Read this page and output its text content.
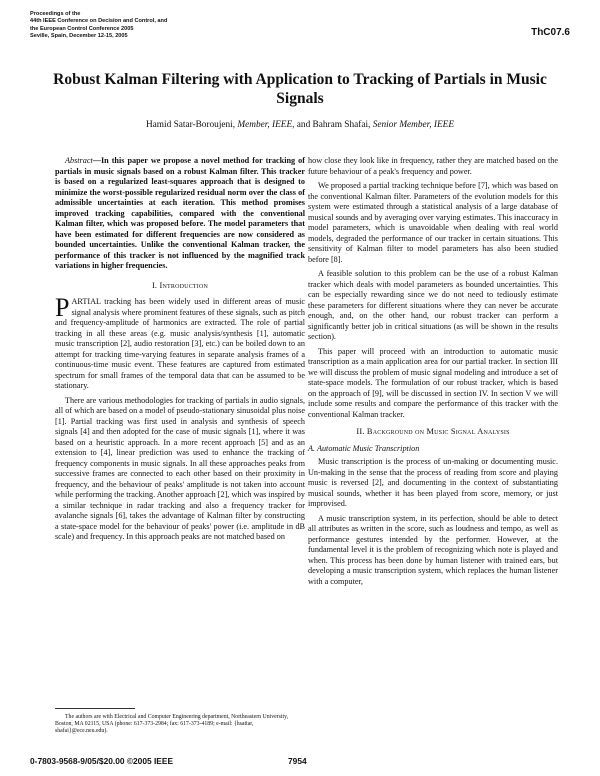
Proceedings of the
44th IEEE Conference on Decision and Control, and
the European Control Conference 2005
Seville, Spain, December 12-15, 2005	ThC07.6
Robust Kalman Filtering with Application to Tracking of Partials in Music Signals
Hamid Satar-Boroujeni, Member, IEEE, and Bahram Shafai, Senior Member, IEEE

Abstract—In this paper we propose a novel method for tracking of partials in music signals based on a robust Kalman filter. This tracker is based on a regularized least-squares approach that is designed to minimize the worst-possible regularized residual norm over the class of admissible uncertainties at each iteration. This method promises improved tracking capabilities, compared with the conventional Kalman filter, which was proposed before. The model parameters that have been estimated for different frequencies are now considered as bounded uncertainties. Unlike the conventional Kalman tracker, the performance of this tracker is not influenced by the magnified track variations in higher frequencies.

I. Introduction

PARTIAL tracking has been widely used in different areas of music signal analysis where prominent features of these signals, such as pitch and frequency-amplitude of harmonics are extracted. The role of partial tracking in all these areas (e.g. music analysis/synthesis [1], automatic music transcription [2], audio restoration [3], etc.) can be boiled down to an attempt for tracking time-varying features in separate analysis frames of a continuous-time music event. These features are captured from estimated spectrum for small frames of the temporal data that can be assumed to be stationary.

There are various methodologies for tracking of partials in audio signals, all of which are based on a model of pseudo-stationary sinusoidal plus noise [1]. Partial tracking was first used in analysis and synthesis of speech signals [4] and then adopted for the case of music signals [1], where it was based on a heuristic approach. In a more recent approach [5] and as an extension to [4], linear prediction was used to enhance the tracking of frequency components in music signals. In all these approaches peaks from successive frames are connected to each other based on their proximity in frequency, and the behaviour of peaks' amplitude is not taken into account while performing the tracking. Another approach [2], which was inspired by a similar technique in radar tracking and also a frequency tracker for avalanche signals [6], takes the advantage of Kalman filter by constructing a state-space model for the behaviour of peaks' power (i.e. amplitude in dB scale) and frequency. In this approach peaks are not matched based on

how close they look like in frequency, rather they are matched based on the future behaviour of a peak's frequency and power.

We proposed a partial tracking technique before [7], which was based on the conventional Kalman filter. Parameters of the evolution models for this system were estimated through a statistical analysis of a large database of musical sounds and by averaging over varying estimates. This inaccuracy in model parameters, which is unavoidable when dealing with real world models, degraded the performance of our tracker in certain situations. This sensitivity of Kalman filter to model parameters has also been studied before [8].

A feasible solution to this problem can be the use of a robust Kalman tracker which deals with model parameters as bounded uncertainties. This can be especially rewarding since we do not need to tediously estimate these parameters for different situations where they can never be accurate enough, and, on the other hand, our robust tracker can perform a significantly better job in critical situations (as will be shown in the results section).

This paper will proceed with an introduction to automatic music transcription as a main application area for our partial tracker. In section III we will discuss the problem of music signal modeling and introduce a set of state-space models. The formulation of our robust tracker, which is based on the approach of [9], will be discussed in section IV. In section V we will include some results and compare the performance of this tracker with the conventional Kalman tracker.

II. Background on Music Signal Analysis
A. Automatic Music Transcription

Music transcription is the process of un-making or documenting music. Un-making in the sense that the process of reading from score and playing music is reversed [2], and documenting in the context of substantiating musical sounds, whether it has been played from score, memory, or just improvised.

A music transcription system, in its perfection, should be able to detect all attributes as written in the score, such as loudness and tempo, as well as performance gestures intended by the performer. However, at the fundamental level it is the problem of recognizing which note is played and when. This process has been done by human listener with trained ears, but developing a music transcription system, which replaces the human listener with a computer,

The authors are with Electrical and Computer Engineering department, Northeastern University, Boston, MA 02115, USA (phone: 617-373-2984; fax: 617-373-4189; e-mail: {hsattar, shafai}@ece.neu.edu).
0-7803-9568-9/05/$20.00 ©2005 IEEE	7954
